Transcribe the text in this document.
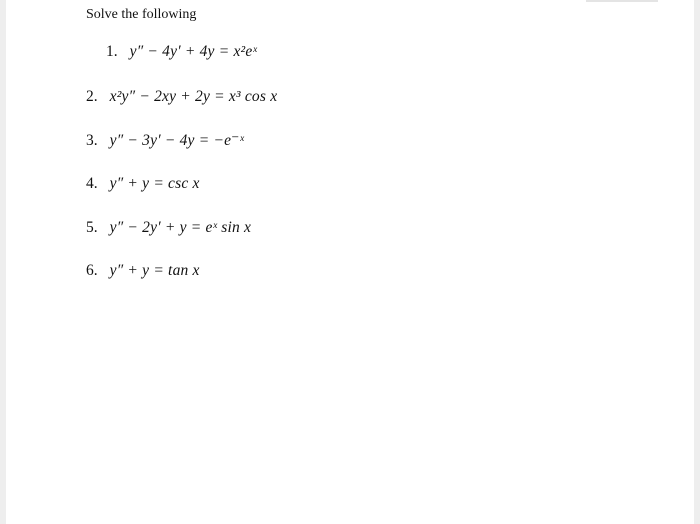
Solve the following
1. y″ − 4y′ + 4y = x²eˣ
2. x²y″ − 2xy + 2y = x³ cos x
3. y″ − 3y′ − 4y = −e⁻ˣ
4. y″ + y = csc x
5. y″ − 2y′ + y = eˣ sin x
6. y″ + y = tan x
